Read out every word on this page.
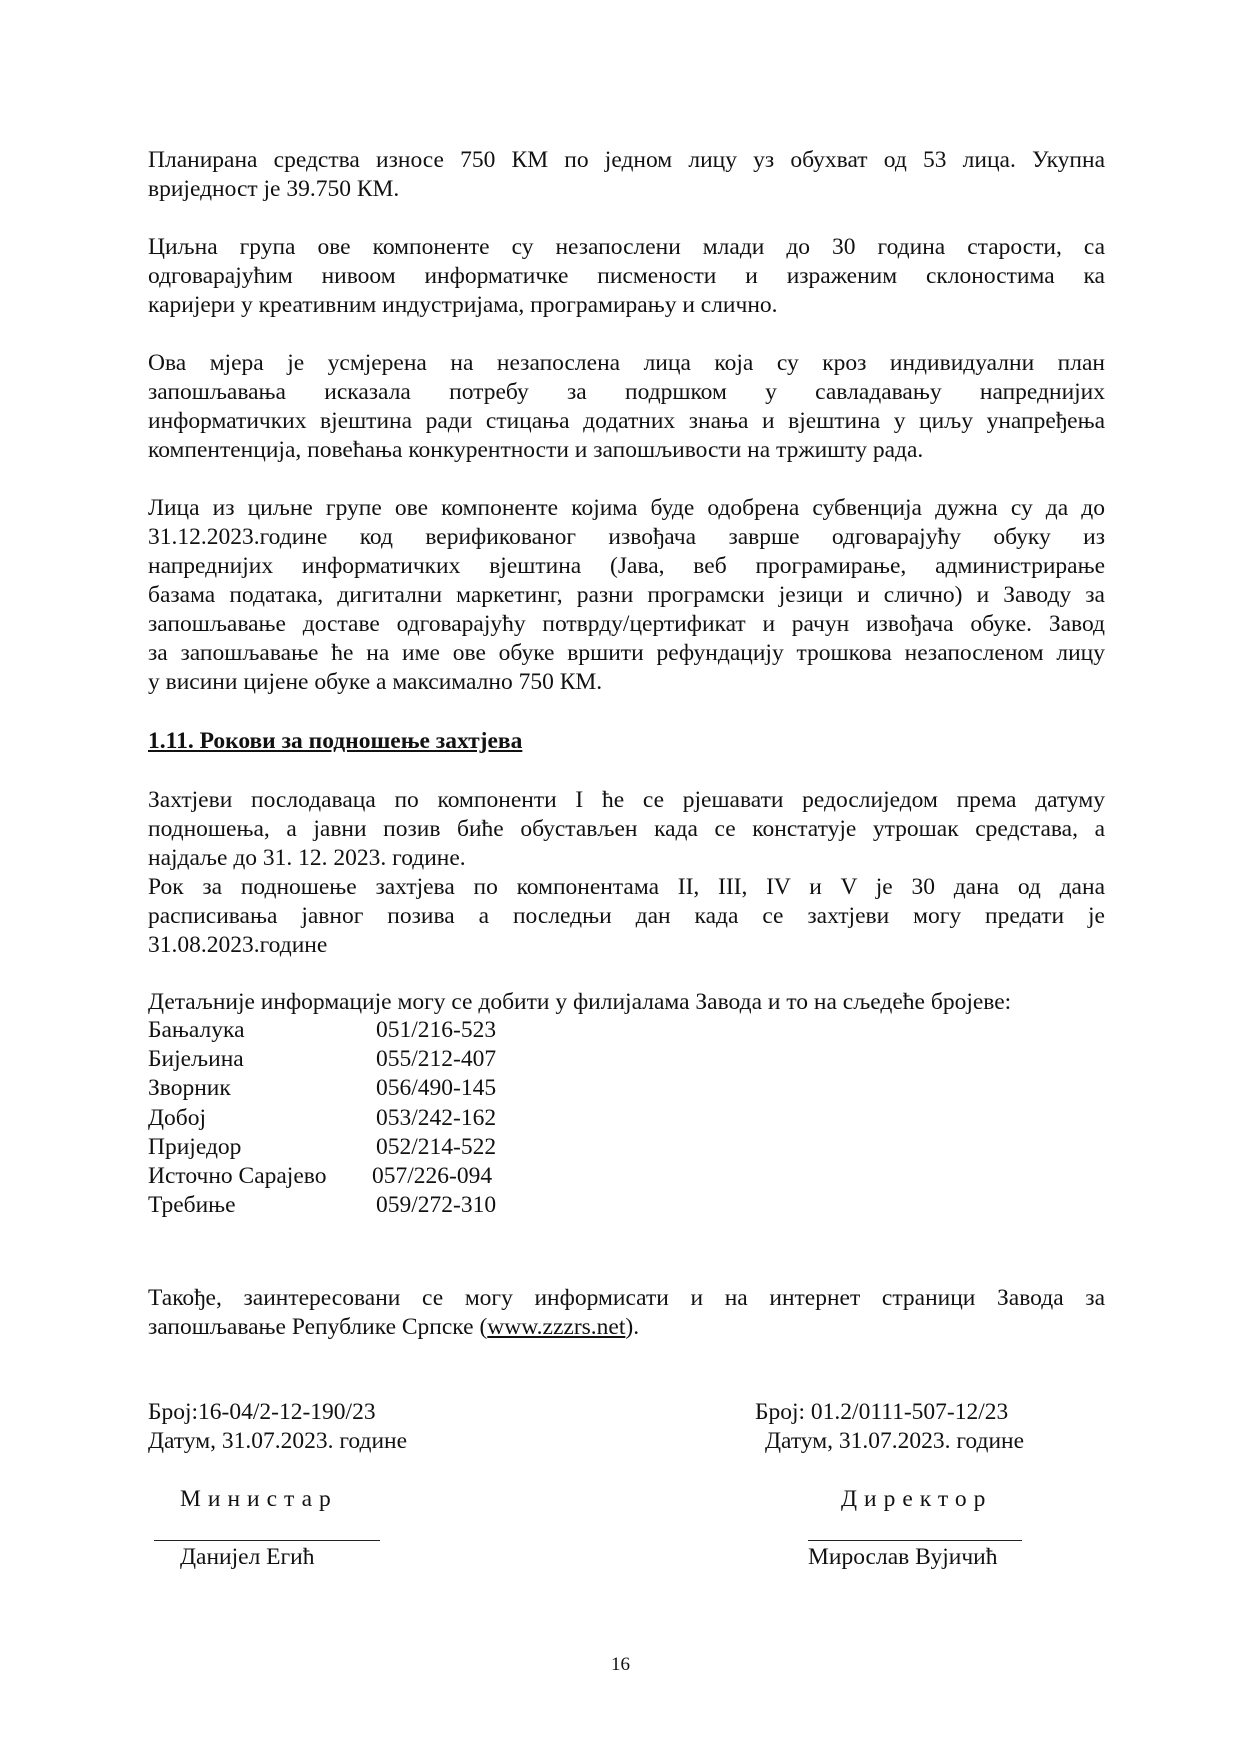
Планирана средства износе 750 КМ по једном лицу уз обухват од 53 лица. Укупна
вриједност је 39.750 КМ.
Циљна група ове компоненте су незапослени млади до 30 година старости, са
одговарајућим нивоом информатичке писмености и израженим склоностима ка
каријери у креативним индустријама, програмирању и слично.
Ова мјера је усмјерена на незапослена лица која су кроз индивидуални план
запошљавања исказала потребу за подршком у савладавању напреднијих
информатичких вјештина ради стицања додатних знања и вјештина у циљу унапређења
компентенција, повећања конкурентности и запошљивости на тржишту рада.
Лица из циљне групе ове компоненте којима буде одобрена субвенција дужна су да до
31.12.2023.године код верификованог извођача заврше одговарајућу обуку из
напреднијих информатичких вјештина (Јава, веб програмирање, администрирање
базама података, дигитални маркетинг, разни програмски језици и слично) и Заводу за
запошљавање доставе одговарајућу потврду/цертификат и рачун извођача обуке. Завод
за запошљавање ће на име ове обуке вршити рефундацију трошкова незапосленом лицу
у висини цијене обуке а максимално 750 КМ.

1.11. Рокови за подношење захтјева

Захтјеви послодаваца по компоненти I ће се рјешавати редослиједом према датуму
подношења, а јавни позив биће обустављен када се констатује утрошак средстава, а
најдаље до 31. 12. 2023. године.
Рок за подношење захтјева по компонентама II, III, IV и V је 30 дана од дана
расписивања јавног позива а последњи дан када се захтјеви могу предати је
31.08.2023.године
Детаљније информације могу се добити у филијалама Завода и то на сљедеће бројеве:
Бањалука	051/216-523
Бијељина	055/212-407
Зворник	056/490-145
Добој	053/242-162
Приједор	052/214-522
Источно Сарајево	057/226-094
Требиње	059/272-310
Такође, заинтересовани се могу информисати и на интернет страници Завода за
запошљавање Републике Српске (www.zzzrs.net).
Број:16-04/2-12-190/23
Датум, 31.07.2023. године
Министар
Данијел Егић
Број: 01.2/0111-507-12/23
Датум, 31.07.2023. године
Директор
Мирослав Вујичић
16
